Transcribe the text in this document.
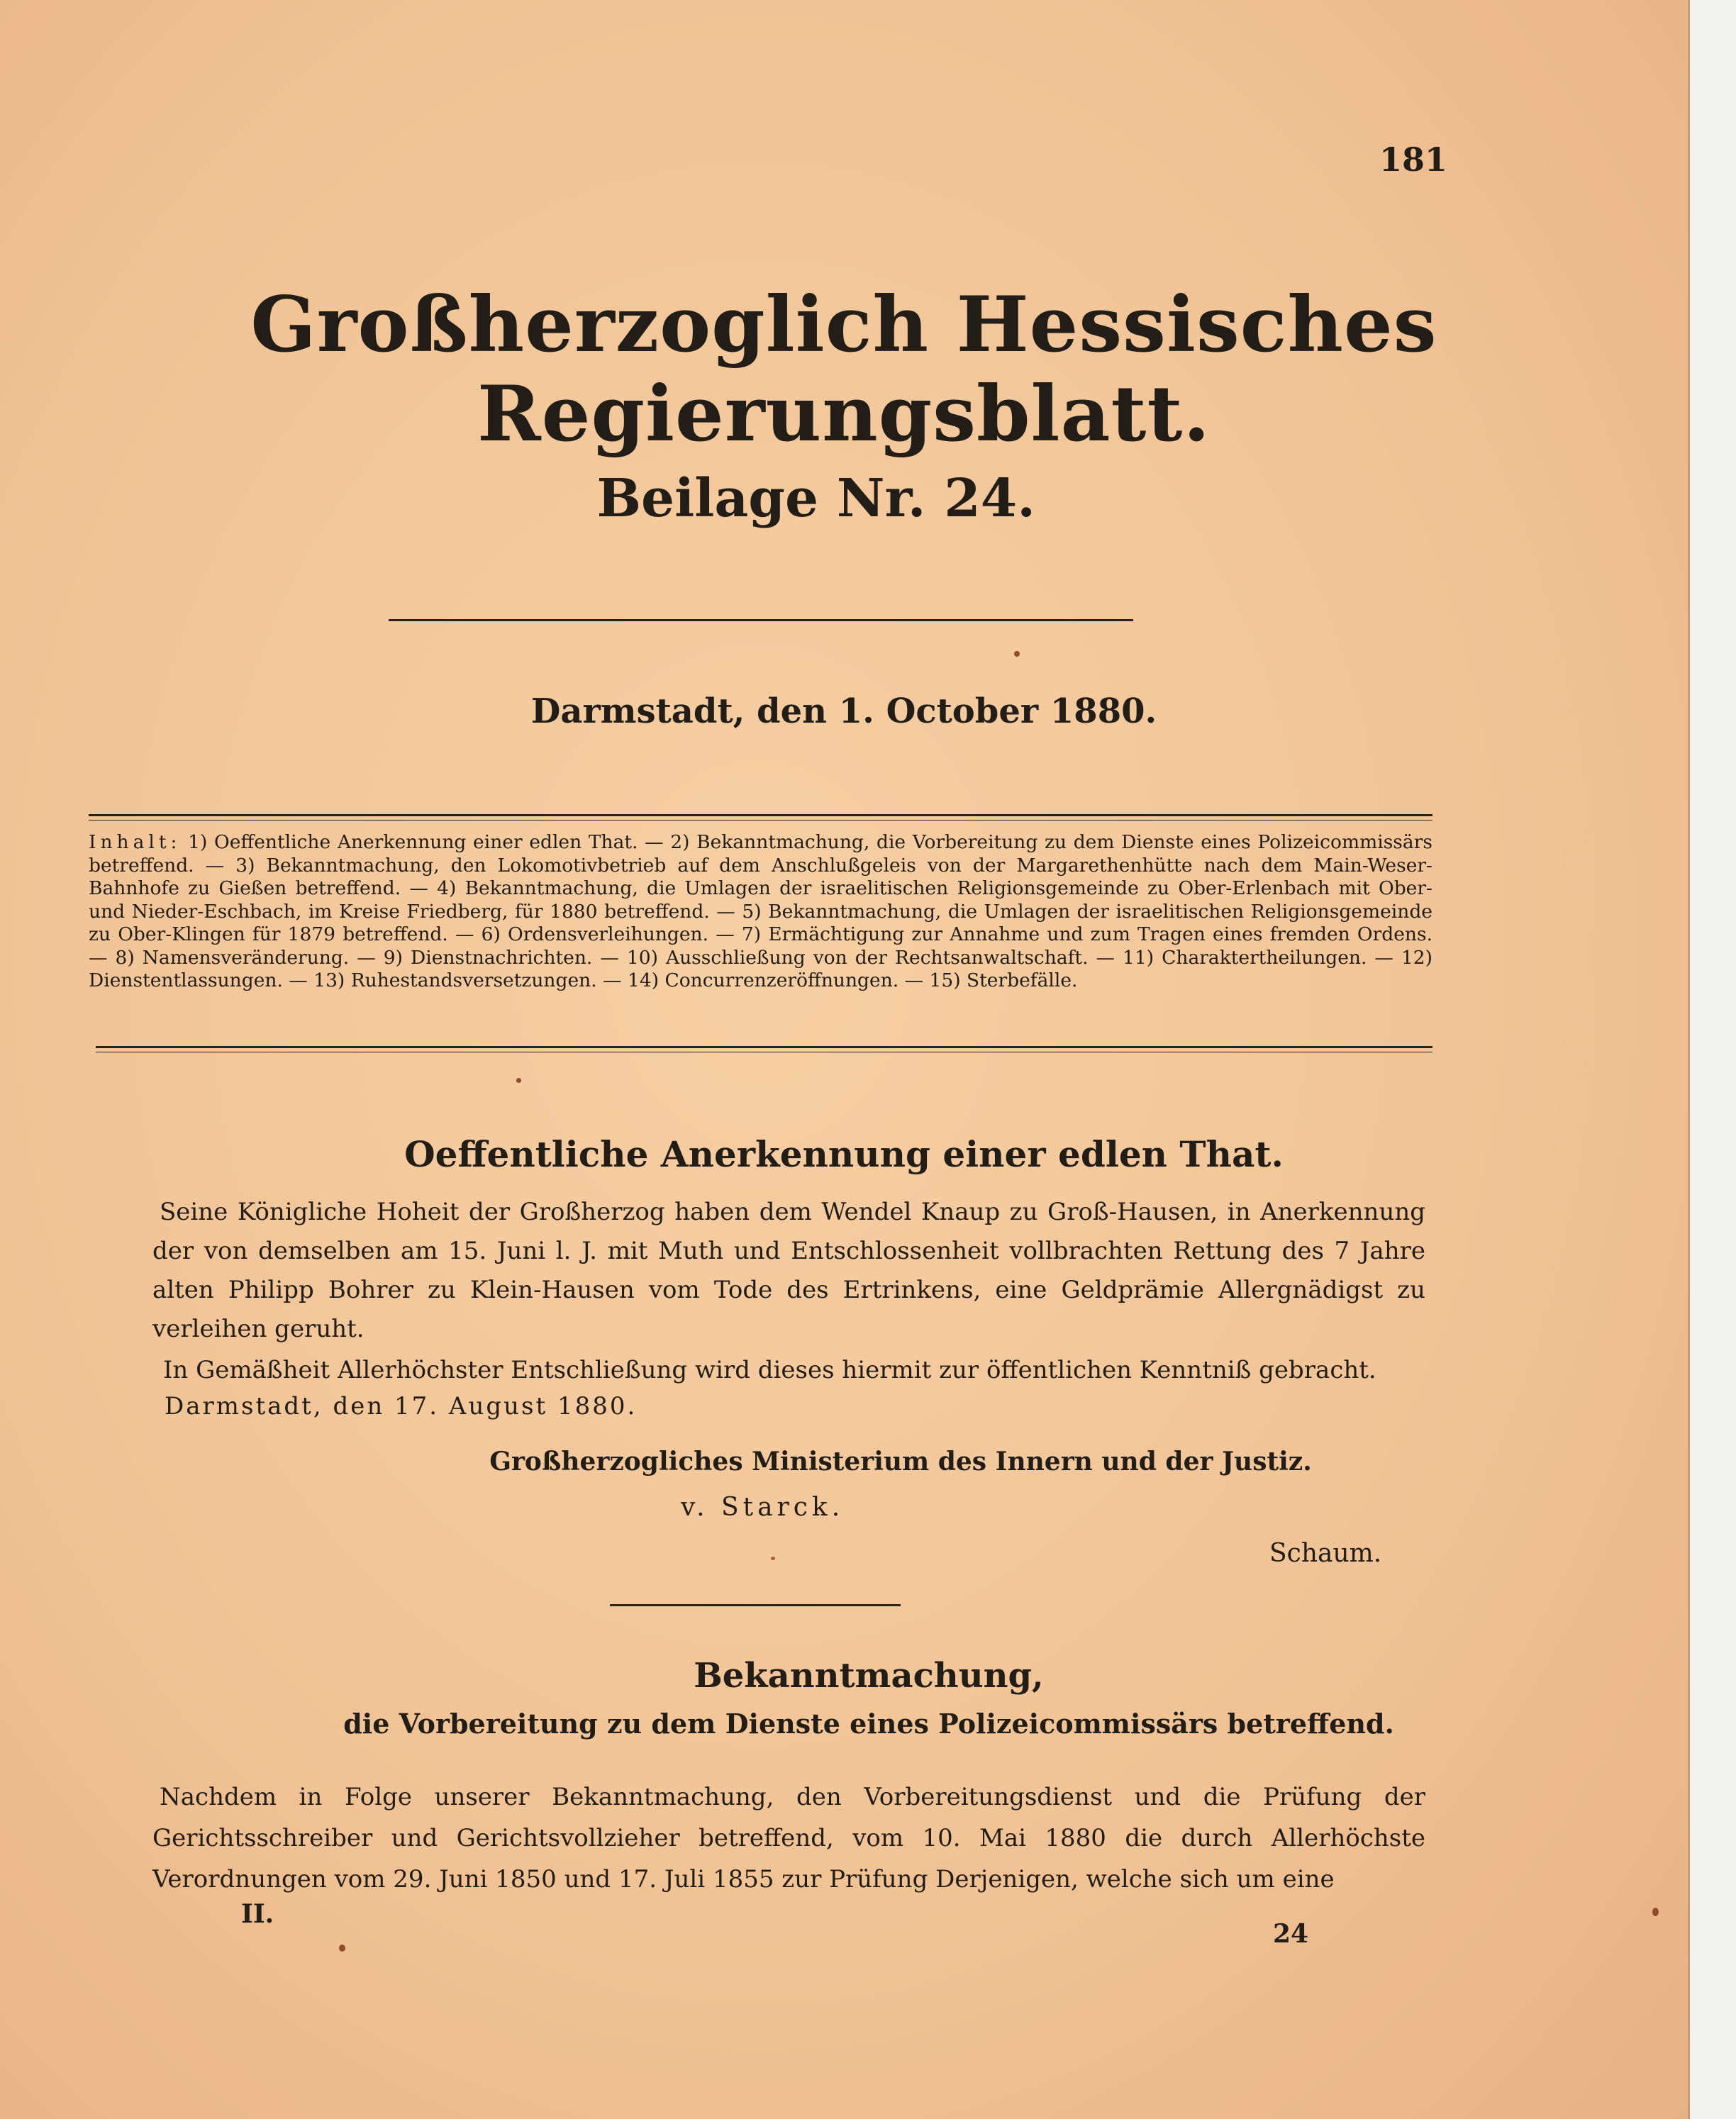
181
Großherzoglich Hessisches Regierungsblatt.
Beilage Nr. 24.
Darmstadt, den 1. October 1880.
Inhalt: 1) Oeffentliche Anerkennung einer edlen That. — 2) Bekanntmachung, die Vorbereitung zu dem Dienste eines Polizeicommissärs betreffend. — 3) Bekanntmachung, den Lokomotivbetrieb auf dem Anschlußgeleis von der Margarethenhütte nach dem Main-Weser-Bahnhofe zu Gießen betreffend. — 4) Bekanntmachung, die Umlagen der israelitischen Religionsgemeinde zu Ober-Erlenbach mit Ober- und Nieder-Eschbach, im Kreise Friedberg, für 1880 betreffend. — 5) Bekanntmachung, die Umlagen der israelitischen Religionsgemeinde zu Ober-Klingen für 1879 betreffend. — 6) Ordensverleihungen. — 7) Ermächtigung zur Annahme und zum Tragen eines fremden Ordens. — 8) Namensveränderung. — 9) Dienstnachrichten. — 10) Ausschließung von der Rechtsanwaltschaft. — 11) Charaktertheilungen. — 12) Dienstentlassungen. — 13) Ruhestandsversetzungen. — 14) Concurrenzeröffnungen. — 15) Sterbefälle.
Oeffentliche Anerkennung einer edlen That.
Seine Königliche Hoheit der Großherzog haben dem Wendel Knaup zu Groß-Hausen, in Anerkennung der von demselben am 15. Juni l. J. mit Muth und Entschlossenheit vollbrachten Rettung des 7 Jahre alten Philipp Bohrer zu Klein-Hausen vom Tode des Ertrinkens, eine Geldprämie Allergnädigst zu verleihen geruht.
In Gemäßheit Allerhöchster Entschließung wird dieses hiermit zur öffentlichen Kenntniß gebracht.
Darmstadt, den 17. August 1880.
Großherzogliches Ministerium des Innern und der Justiz.
v. Starck.
Schaum.
Bekanntmachung,
die Vorbereitung zu dem Dienste eines Polizeicommissärs betreffend.
Nachdem in Folge unserer Bekanntmachung, den Vorbereitungsdienst und die Prüfung der Gerichtsschreiber und Gerichtsvollzieher betreffend, vom 10. Mai 1880 die durch Allerhöchste Verordnungen vom 29. Juni 1850 und 17. Juli 1855 zur Prüfung Derjenigen, welche sich um eine
II.
24
